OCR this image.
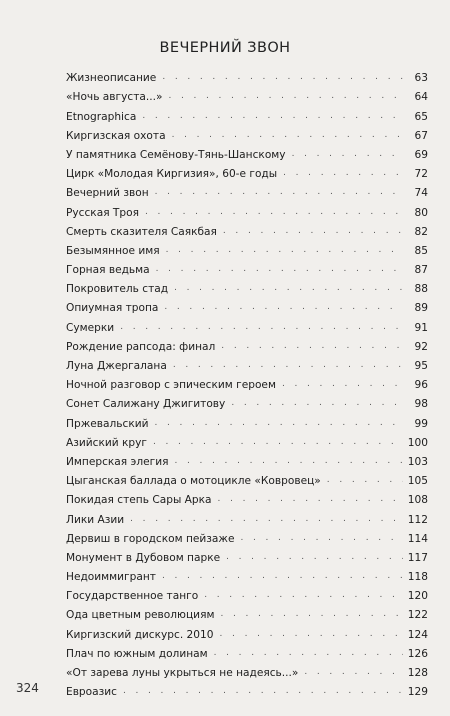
ВЕЧЕРНИЙ ЗВОН
Жизнеописание . . .	63
«Ночь августа...» . . .	64
Etnographica . . .	65
Киргизская охота . . .	67
У памятника Семёнову-Тянь-Шанскому . . .	69
Цирк «Молодая Киргизия», 60-е годы . . .	72
Вечерний звон . . .	74
Русская Троя . . .	80
Смерть сказителя Саякбая . . .	82
Безымянное имя . . .	85
Горная ведьма . . .	87
Покровитель стад . . .	88
Опиумная тропа . . .	89
Сумерки . . .	91
Рождение рапсода: финал . . .	92
Луна Джергалана . . .	95
Ночной разговор с эпическим героем . . .	96
Сонет Салижану Джигитову . . .	98
Пржевальский . . .	99
Азийский круг . . .	100
Имперская элегия . . .	103
Цыганская баллада о мотоцикле «Ковровец» . . .	105
Покидая степь Сары Арка . . .	108
Лики Азии . . .	112
Дервиш в городском пейзаже . . .	114
Монумент в Дубовом парке . . .	117
Недоиммигрант . . .	118
Государственное танго . . .	120
Ода цветным революциям . . .	122
Киргизский дискурс. 2010 . . .	124
Плач по южным долинам . . .	126
«От зарева луны укрыться не надеясь...» . . .	128
Евроазис . . .	129
324
